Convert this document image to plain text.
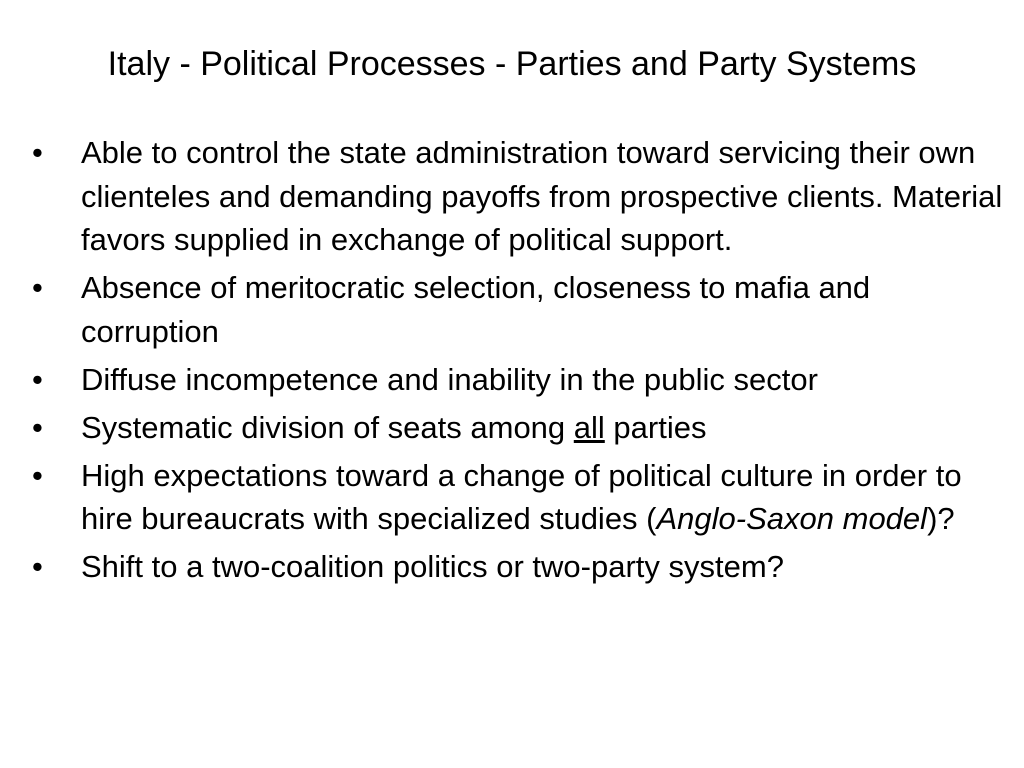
Italy - Political Processes - Parties and Party Systems
• Able to control the state administration toward servicing their own clienteles and demanding payoffs from prospective clients. Material favors supplied in exchange of political support.
• Absence of meritocratic selection, closeness to mafia and corruption
• Diffuse incompetence and inability in the public sector
• Systematic division of seats among all parties
• High expectations toward a change of political culture in order to hire bureaucrats with specialized studies (Anglo-Saxon model)?
• Shift to a two-coalition politics or two-party system?
